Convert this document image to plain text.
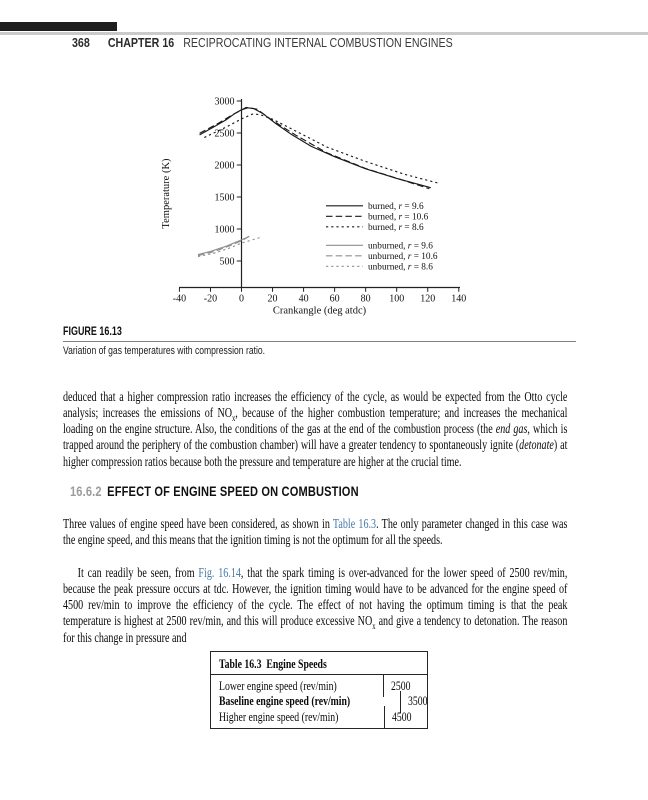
368 CHAPTER 16 RECIPROCATING INTERNAL COMBUSTION ENGINES
500
1000
1500
2000
2500
3000
-40 -20 0 20 40 60 80 100 120 140
Crankangle (deg atdc)
Temperature (K)	burned, r = 9.6
burned, r = 10.6
burned, r = 8.6
unburned, r = 9.6
unburned, r = 10.6
unburned, r = 8.6
FIGURE 16.13
Variation of gas temperatures with compression ratio.

deduced that a higher compression ratio increases the efficiency of the cycle, as would be expected from the Otto cycle analysis; increases the emissions of $NO_x$, because of the higher combustion temperature; and increases the mechanical loading on the engine structure. Also, the conditions of the gas at the end of the combustion process (the end gas, which is trapped around the periphery of the combustion chamber) will have a greater tendency to spontaneously ignite (detonate) at higher compression ratios because both the pressure and temperature are higher at the crucial time.

16.6.2 EFFECT OF ENGINE SPEED ON COMBUSTION

Three values of engine speed have been considered, as shown in Table 16.3. The only parameter changed in this case was the engine speed, and this means that the ignition timing is not the optimum for all the speeds.

It can readily be seen, from Fig. 16.14, that the spark timing is over-advanced for the lower speed of 2500 rev/min, because the peak pressure occurs at tdc. However, the ignition timing would have to be advanced for the engine speed of 4500 rev/min to improve the efficiency of the cycle. The effect of not having the optimum timing is that the peak temperature is highest at 2500 rev/min, and this will produce excessive $NO_x$ and give a tendency to detonation. The reason for this change in pressure and

Table 16.3 Engine Speeds
Lower engine speed (rev/min)	2500
Baseline engine speed (rev/min)	3500
Higher engine speed (rev/min)	4500
